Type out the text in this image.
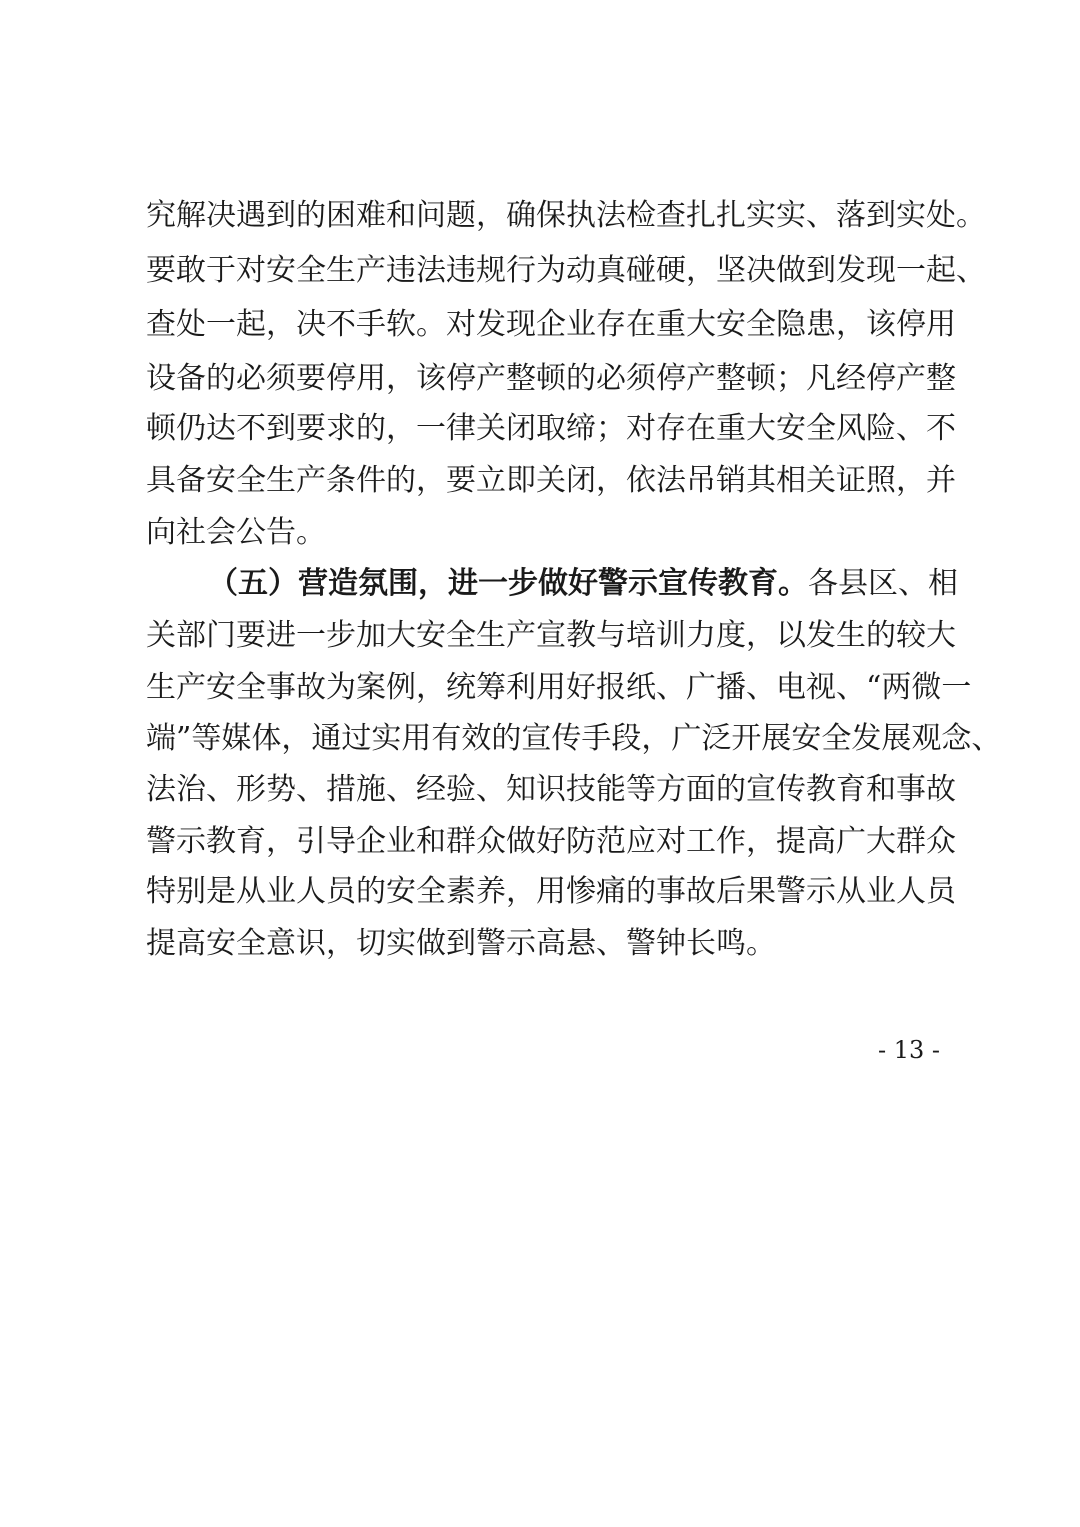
究解决遇到的困难和问题，确保执法检查扎扎实实、落到实处。
要敢于对安全生产违法违规行为动真碰硬，坚决做到发现一起、
查处一起，决不手软。对发现企业存在重大安全隐患，该停用
设备的必须要停用，该停产整顿的必须停产整顿；凡经停产整
顿仍达不到要求的，一律关闭取缔；对存在重大安全风险、不
具备安全生产条件的，要立即关闭，依法吊销其相关证照，并
向社会公告。
（五）营造氛围，进一步做好警示宣传教育。各县区、相
关部门要进一步加大安全生产宣教与培训力度，以发生的较大
生产安全事故为案例，统筹利用好报纸、广播、电视、“两微一
端”等媒体，通过实用有效的宣传手段，广泛开展安全发展观念、
法治、形势、措施、经验、知识技能等方面的宣传教育和事故
警示教育，引导企业和群众做好防范应对工作，提高广大群众
特别是从业人员的安全素养，用惨痛的事故后果警示从业人员
提高安全意识，切实做到警示高悬、警钟长鸣。
- 13 -
